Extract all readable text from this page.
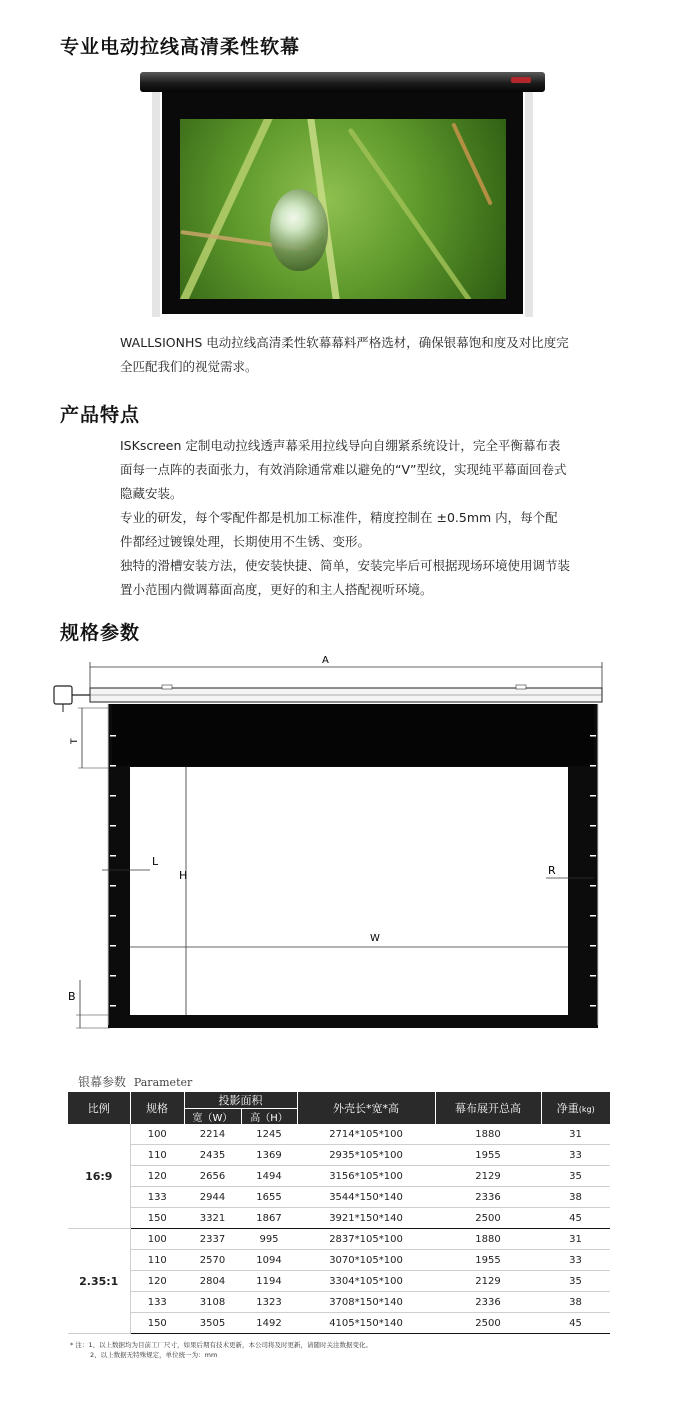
专业电动拉线高清柔性软幕
WALLSIONHS 电动拉线高清柔性软幕幕料严格选材，确保银幕饱和度及对比度完全匹配我们的视觉需求。
产品特点

ISKscreen 定制电动拉线透声幕采用拉线导向自绷紧系统设计，完全平衡幕布表面每一点阵的表面张力，有效消除通常难以避免的“V”型纹，实现纯平幕面回卷式隐藏安装。

专业的研发，每个零配件都是机加工标准件，精度控制在 ±0.5mm 内，每个配件都经过镀镍处理，长期使用不生锈、变形。

独特的滑槽安装方法，使安装快捷、简单，安装完毕后可根据现场环境使用调节装置小范围内微调幕面高度，更好的和主人搭配视听环境。

规格参数
A
T
L
H	R
W
B
银幕参数 Parameter
比例	规格	投影面积		外壳长*宽*高	幕布展开总高	净重(kg)
		宽（W）	高（H）			
16:9	100	2214	1245	2714*105*100	1880	31
	110	2435	1369	2935*105*100	1955	33
	120	2656	1494	3156*105*100	2129	35
	133	2944	1655	3544*150*140	2336	38
	150	3321	1867	3921*150*140	2500	45
2.35:1	100	2337	995	2837*105*100	1880	31
	110	2570	1094	3070*105*100	1955	33
	120	2804	1194	3304*105*100	2129	35
	133	3108	1323	3708*150*140	2336	38
	150	3505	1492	4105*150*140	2500	45
* 注：1、以上数据均为目前工厂尺寸，如果后期有技术更新，本公司将及时更新，请随时关注数据变化。
2、以上数据无特殊规定，单位统一为：mm
